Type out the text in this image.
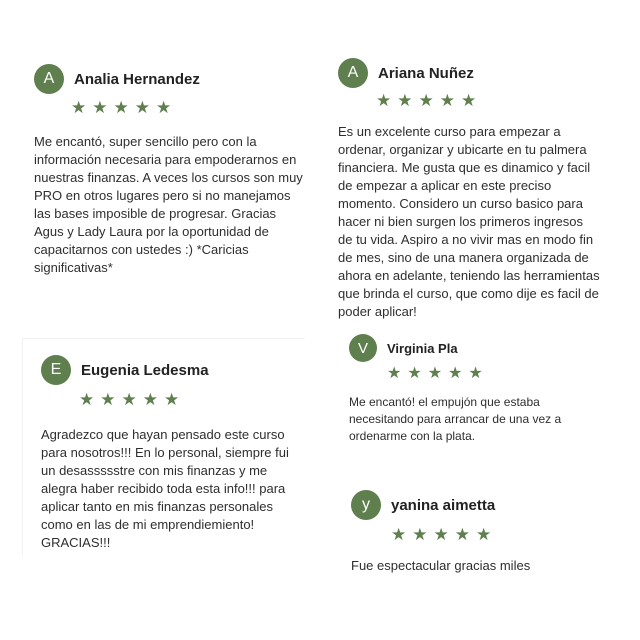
A	Analia Hernandez
★ ★ ★ ★ ★

Me encantó, super sencillo pero con la información necesaria para empoderarnos en nuestras finanzas. A veces los cursos son muy PRO en otros lugares pero si no manejamos las bases imposible de progresar. Gracias Agus y Lady Laura por la oportunidad de capacitarnos con ustedes :) *Caricias significativas*

A	Ariana Nuñez
★ ★ ★ ★ ★

Es un excelente curso para empezar a ordenar, organizar y ubicarte en tu palmera financiera. Me gusta que es dinamico y facil de empezar a aplicar en este preciso momento. Considero un curso basico para hacer ni bien surgen los primeros ingresos de tu vida. Aspiro a no vivir mas en modo fin de mes, sino de una manera organizada de ahora en adelante, teniendo las herramientas que brinda el curso, que como dije es facil de poder aplicar!

E	Eugenia Ledesma
★ ★ ★ ★ ★

Agradezco que hayan pensado este curso para nosotros!!! En lo personal, siempre fui un desassssstre con mis finanzas y me alegra haber recibido toda esta info!!! para aplicar tanto en mis finanzas personales como en las de mi emprendiemiento! GRACIAS!!!

V	Virginia Pla
★ ★ ★ ★ ★

Me encantó! el empujón que estaba necesitando para arrancar de una vez a ordenarme con la plata.

y	yanina aimetta
★ ★ ★ ★ ★

Fue espectacular gracias miles
